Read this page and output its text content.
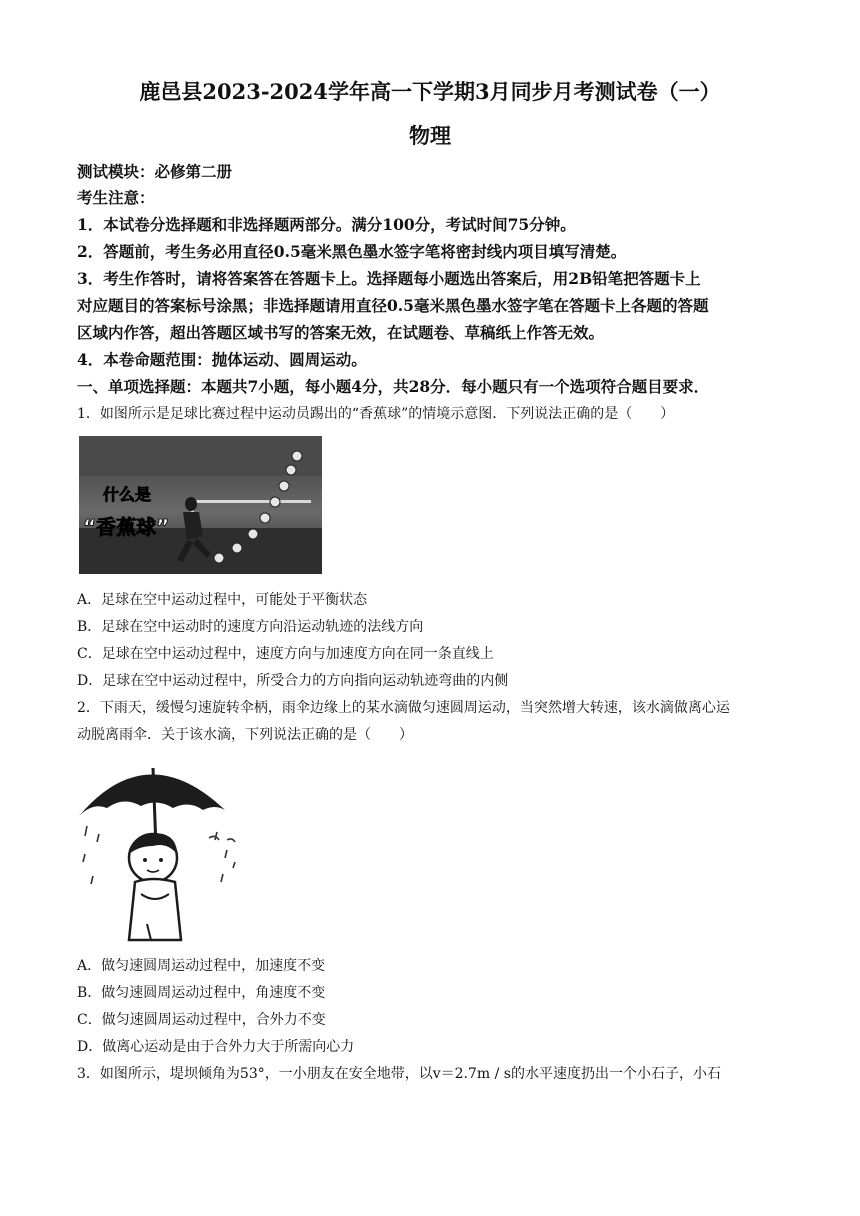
鹿邑县2023-2024学年高一下学期3月同步月考测试卷（一）
物理
测试模块：必修第二册
考生注意：
1．本试卷分选择题和非选择题两部分。满分100分，考试时间75分钟。
2．答题前，考生务必用直径0.5毫米黑色墨水签字笔将密封线内项目填写清楚。
3．考生作答时，请将答案答在答题卡上。选择题每小题选出答案后，用2B铅笔把答题卡上
对应题目的答案标号涂黑；非选择题请用直径0.5毫米黑色墨水签字笔在答题卡上各题的答题
区域内作答，超出答题区域书写的答案无效，在试题卷、草稿纸上作答无效。
4．本卷命题范围：抛体运动、圆周运动。
一、单项选择题：本题共7小题，每小题4分，共28分．每小题只有一个选项符合题目要求．
1．如图所示是足球比赛过程中运动员踢出的“香蕉球”的情境示意图．下列说法正确的是（　　）
什么是
“香蕉球”
A．足球在空中运动过程中，可能处于平衡状态
B．足球在空中运动时的速度方向沿运动轨迹的法线方向
C．足球在空中运动过程中，速度方向与加速度方向在同一条直线上
D．足球在空中运动过程中，所受合力的方向指向运动轨迹弯曲的内侧
2．下雨天，缓慢匀速旋转伞柄，雨伞边缘上的某水滴做匀速圆周运动，当突然增大转速，该水滴做离心运
动脱离雨伞．关于该水滴，下列说法正确的是（　　）
A．做匀速圆周运动过程中，加速度不变
B．做匀速圆周运动过程中，角速度不变
C．做匀速圆周运动过程中，合外力不变
D．做离心运动是由于合外力大于所需向心力
3．如图所示，堤坝倾角为53°，一小朋友在安全地带，以v＝2.7m / s的水平速度扔出一个小石子，小石
